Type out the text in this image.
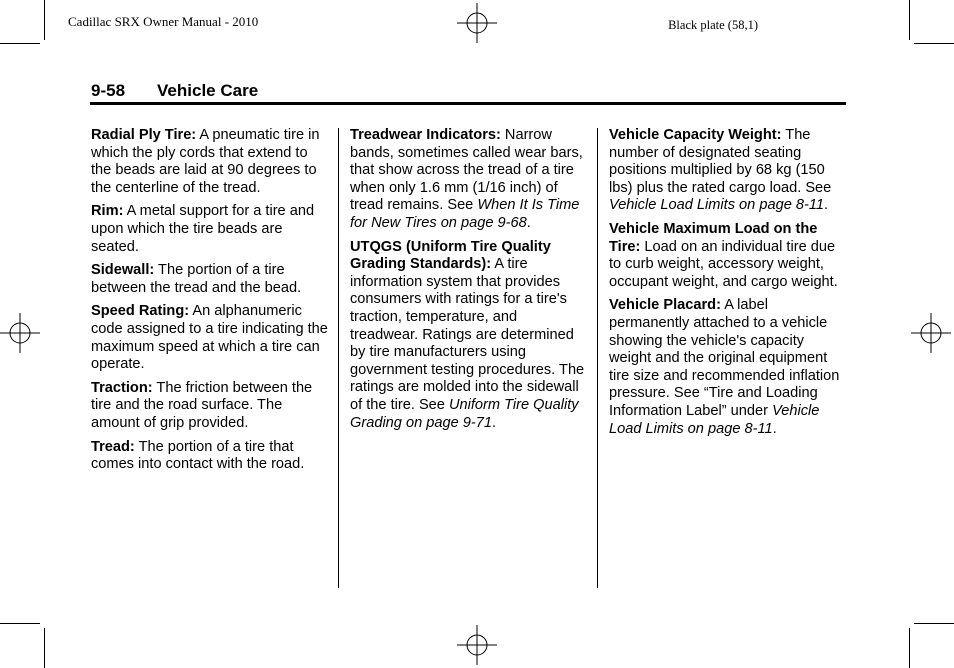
Cadillac SRX Owner Manual - 2010	Black plate (58,1)
9-58 Vehicle Care

Radial Ply Tire: A pneumatic tire in which the ply cords that extend to the beads are laid at 90 degrees to the centerline of the tread.

Rim: A metal support for a tire and upon which the tire beads are seated.

Sidewall: The portion of a tire between the tread and the bead.

Speed Rating: An alphanumeric code assigned to a tire indicating the maximum speed at which a tire can operate.

Traction: The friction between the tire and the road surface. The amount of grip provided.

Tread: The portion of a tire that comes into contact with the road.

Treadwear Indicators: Narrow bands, sometimes called wear bars, that show across the tread of a tire when only 1.6 mm (1/16 inch) of tread remains. See When It Is Time for New Tires on page 9-68.

UTQGS (Uniform Tire Quality Grading Standards): A tire information system that provides consumers with ratings for a tire's traction, temperature, and treadwear. Ratings are determined by tire manufacturers using government testing procedures. The ratings are molded into the sidewall of the tire. See Uniform Tire Quality Grading on page 9-71.

Vehicle Capacity Weight: The number of designated seating positions multiplied by 68 kg (150 lbs) plus the rated cargo load. See Vehicle Load Limits on page 8-11.

Vehicle Maximum Load on the Tire: Load on an individual tire due to curb weight, accessory weight, occupant weight, and cargo weight.

Vehicle Placard: A label permanently attached to a vehicle showing the vehicle's capacity weight and the original equipment tire size and recommended inflation pressure. See “Tire and Loading Information Label” under Vehicle Load Limits on page 8-11.
